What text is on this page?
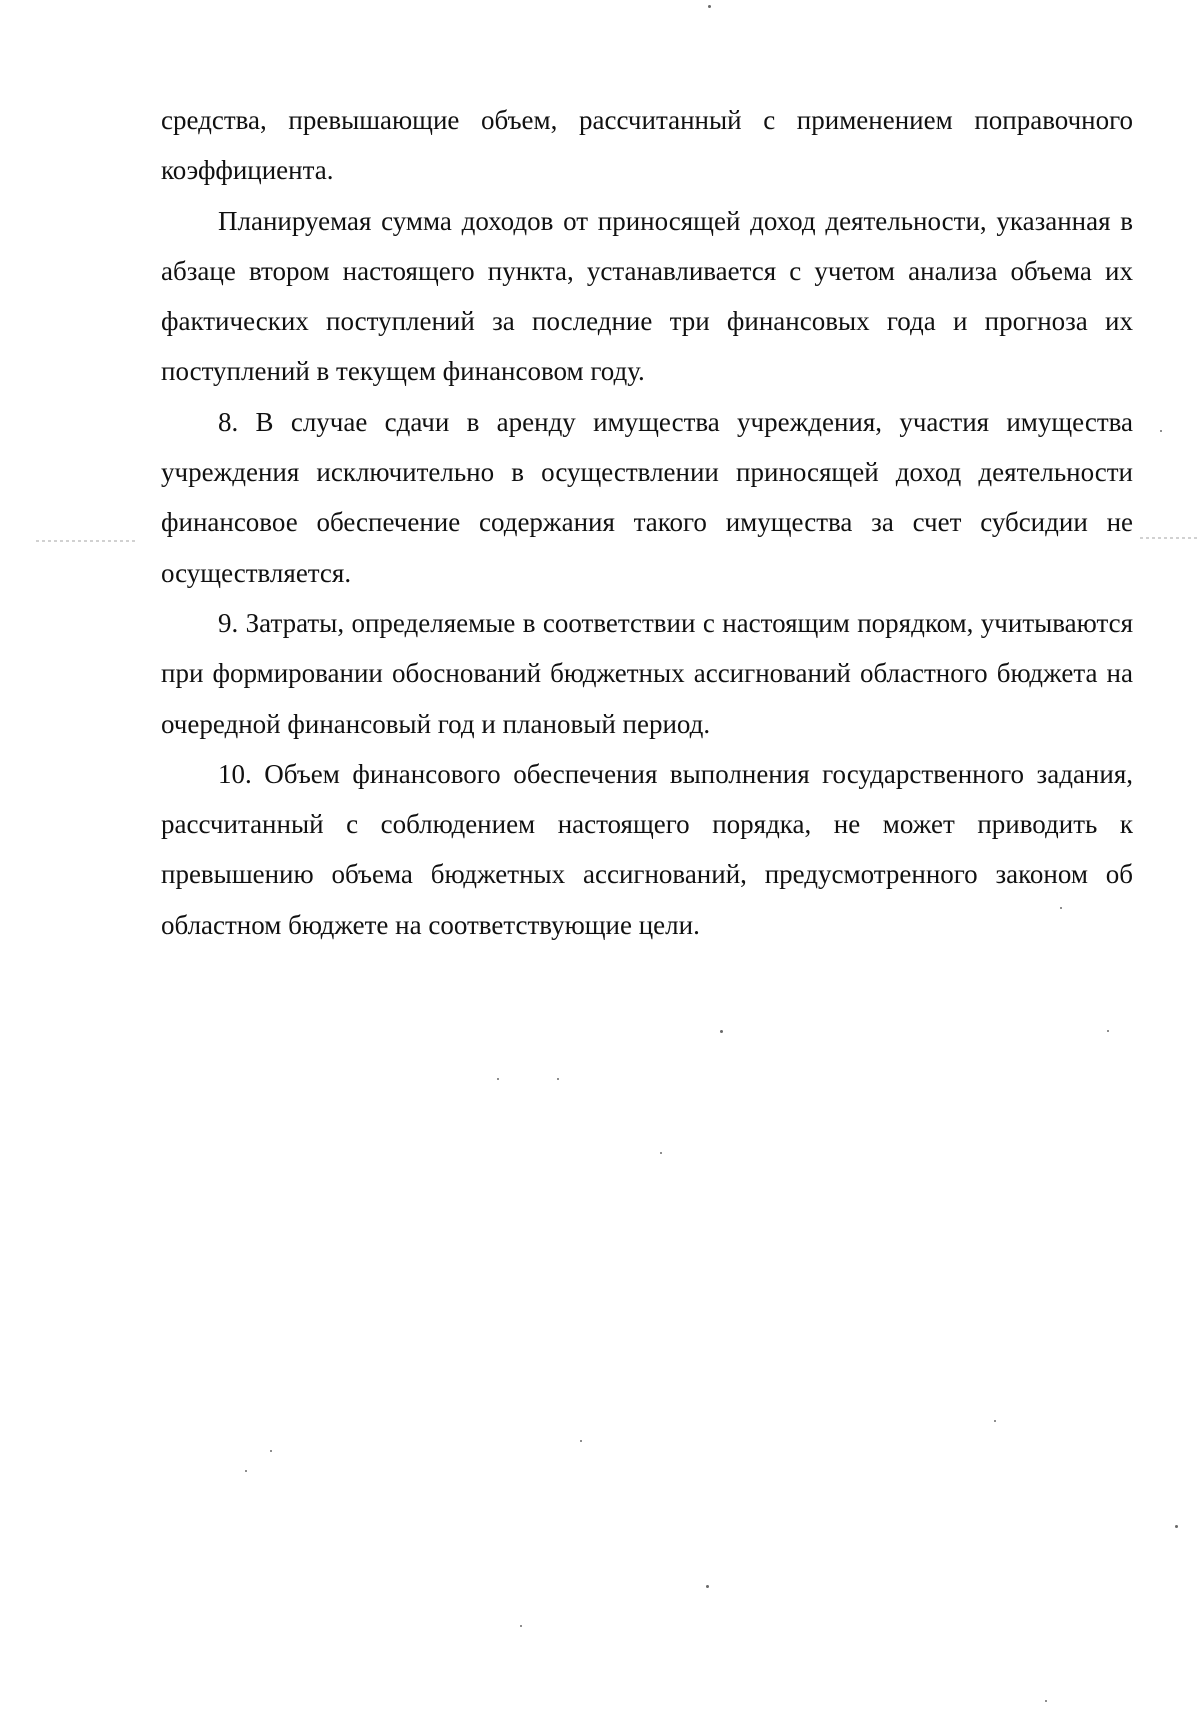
средства, превышающие объем, рассчитанный с применением поправочного коэффициента.

Планируемая сумма доходов от приносящей доход деятельности, указанная в абзаце втором настоящего пункта, устанавливается с учетом анализа объема их фактических поступлений за последние три финансовых года и прогноза их поступлений в текущем финансовом году.

8. В случае сдачи в аренду имущества учреждения, участия имущества учреждения исключительно в осуществлении приносящей доход деятельности финансовое обеспечение содержания такого имущества за счет субсидии не осуществляется.

9. Затраты, определяемые в соответствии с настоящим порядком, учитываются при формировании обоснований бюджетных ассигнований областного бюджета на очередной финансовый год и плановый период.

10. Объем финансового обеспечения выполнения государственного задания, рассчитанный с соблюдением настоящего порядка, не может приводить к превышению объема бюджетных ассигнований, предусмотренного законом об областном бюджете на соответствующие цели.
